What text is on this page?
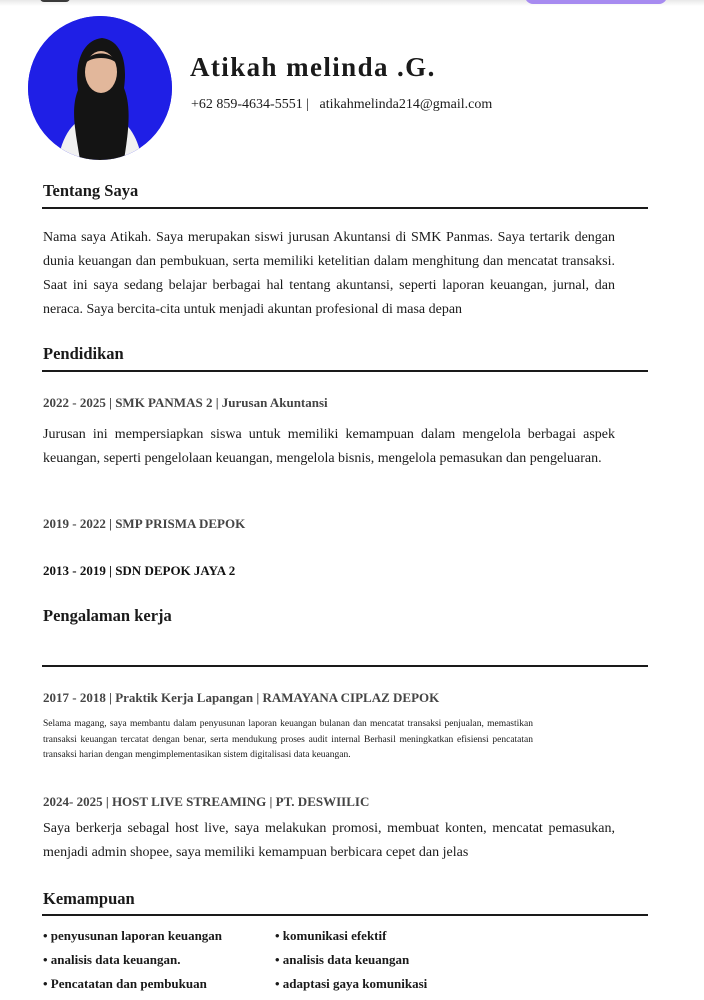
Atikah melinda .G.
+62 859-4634-5551 | atikahmelinda214@gmail.com
Tentang Saya
Nama saya Atikah. Saya merupakan siswi jurusan Akuntansi di SMK Panmas. Saya tertarik dengan dunia keuangan dan pembukuan, serta memiliki ketelitian dalam menghitung dan mencatat transaksi. Saat ini saya sedang belajar berbagai hal tentang akuntansi, seperti laporan keuangan, jurnal, dan neraca. Saya bercita-cita untuk menjadi akuntan profesional di masa depan
Pendidikan
2022 - 2025 | SMK PANMAS 2 | Jurusan Akuntansi
Jurusan ini mempersiapkan siswa untuk memiliki kemampuan dalam mengelola berbagai aspek keuangan, seperti pengelolaan keuangan, mengelola bisnis, mengelola pemasukan dan pengeluaran.
2019 - 2022 | SMP PRISMA DEPOK
2013 - 2019 | SDN DEPOK JAYA 2
Pengalaman kerja
2017 - 2018 | Praktik Kerja Lapangan | RAMAYANA CIPLAZ DEPOK
Selama magang, saya membantu dalam penyusunan laporan keuangan bulanan dan mencatat transaksi penjualan, memastikan transaksi keuangan tercatat dengan benar, serta mendukung proses audit internal Berhasil meningkatkan efisiensi pencatatan transaksi harian dengan mengimplementasikan sistem digitalisasi data keuangan.
2024- 2025 | HOST LIVE STREAMING | PT. DESWIILIC
Saya berkerja sebagal host live, saya melakukan promosi, membuat konten, mencatat pemasukan, menjadi admin shopee, saya memiliki kemampuan berbicara cepet dan jelas
Kemampuan
• penyusunan laporan keuangan	• komunikasi efektif
• analisis data keuangan.	• analisis data keuangan
• Pencatatan dan pembukuan	• adaptasi gaya komunikasi
